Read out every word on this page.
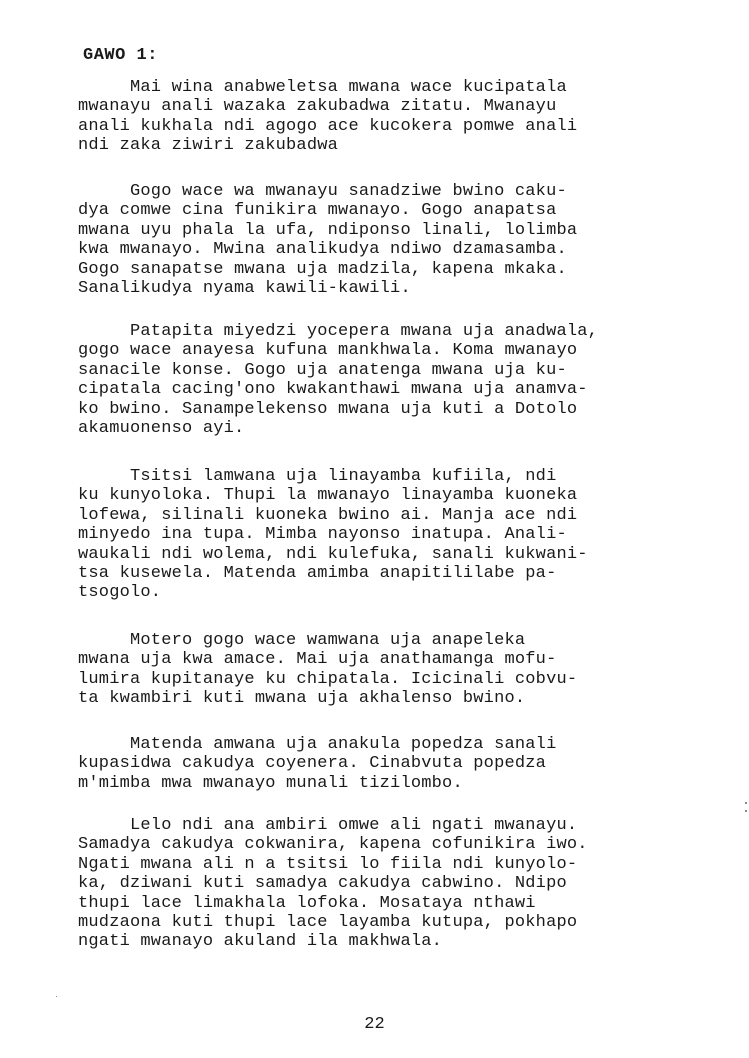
GAWO 1:

Mai wina anabweletsa mwana wace kucipatala
mwanayu anali wazaka zakubadwa zitatu. Mwanayu
anali kukhala ndi agogo ace kucokera pomwe anali
ndi zaka ziwiri zakubadwa

Gogo wace wa mwanayu sanadziwe bwino caku-
dya comwe cina funikira mwanayo. Gogo anapatsa
mwana uyu phala la ufa, ndiponso linali, lolimba
kwa mwanayo. Mwina analikudya ndiwo dzamasamba.
Gogo sanapatse mwana uja madzila, kapena mkaka.
Sanalikudya nyama kawili-kawili.

Patapita miyedzi yocepera mwana uja anadwala,
gogo wace anayesa kufuna mankhwala. Koma mwanayo
sanacile konse. Gogo uja anatenga mwana uja ku-
cipatala cacing'ono kwakanthawi mwana uja anamva-
ko bwino. Sanampelekenso mwana uja kuti a Dotolo
akamuonenso ayi.

Tsitsi lamwana uja linayamba kufiila, ndi
ku kunyoloka. Thupi la mwanayo linayamba kuoneka
lofewa, silinali kuoneka bwino ai. Manja ace ndi
minyedo ina tupa. Mimba nayonso inatupa. Anali-
waukali ndi wolema, ndi kulefuka, sanali kukwani-
tsa kusewela. Matenda amimba anapitililabe pa-
tsogolo.

Motero gogo wace wamwana uja anapeleka
mwana uja kwa amace. Mai uja anathamanga mofu-
lumira kupitanaye ku chipatala. Icicinali cobvu-
ta kwambiri kuti mwana uja akhalenso bwino.

Matenda amwana uja anakula popedza sanali
kupasidwa cakudya coyenera. Cinabvuta popedza
m'mimba mwa mwanayo munali tizilombo.

Lelo ndi ana ambiri omwe ali ngati mwanayu.
Samadya cakudya cokwanira, kapena cofunikira iwo.
Ngati mwana ali n a tsitsi lo fiila ndi kunyolo-
ka, dziwani kuti samadya cakudya cabwino. Ndipo
thupi lace limakhala lofoka. Mosataya nthawi
mudzaona kuti thupi lace layamba kutupa, pokhapo
ngati mwanayo akuland ila makhwala.

22
